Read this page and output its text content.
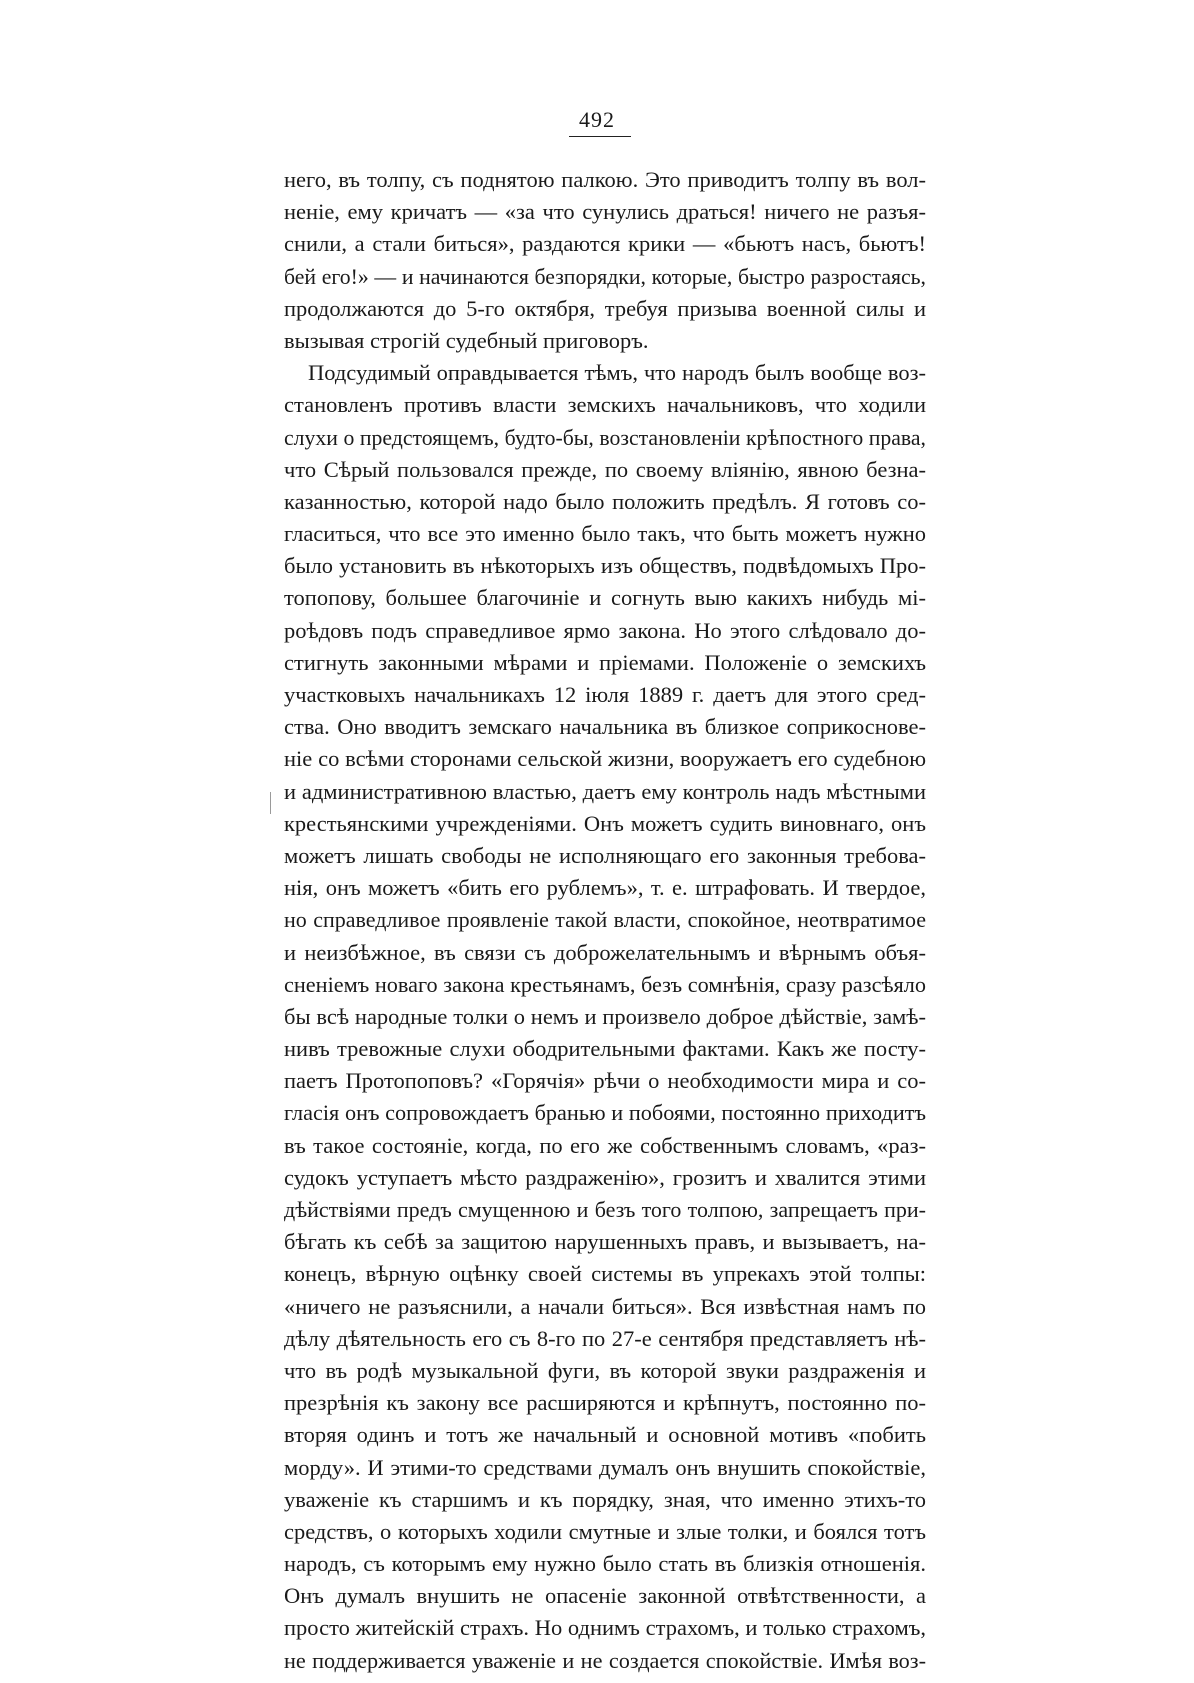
492
него, въ толпу, съ поднятою палкою. Это приводитъ толпу въ вол-
неніе, ему кричатъ — «за что сунулись драться! ничего не разъя-
снили, а стали биться», раздаются крики — «бьютъ насъ, бьютъ!
бей его!» — и начинаются безпорядки, которые, быстро разростаясь,
продолжаются до 5-го октября, требуя призыва военной силы и
вызывая строгій судебный приговоръ.
Подсудимый оправдывается тѣмъ, что народъ былъ вообще воз-
становленъ противъ власти земскихъ начальниковъ, что ходили
слухи о предстоящемъ, будто-бы, возстановленіи крѣпостного права,
что Сѣрый пользовался прежде, по своему вліянію, явною безна-
казанностью, которой надо было положить предѣлъ. Я готовъ со-
гласиться, что все это именно было такъ, что быть можетъ нужно
было установить въ нѣкоторыхъ изъ обществъ, подвѣдомыхъ Про-
топопову, большее благочиніе и согнуть выю какихъ нибудь мі-
роѣдовъ подъ справедливое ярмо закона. Но этого слѣдовало до-
стигнуть законными мѣрами и пріемами. Положеніе о земскихъ
участковыхъ начальникахъ 12 іюля 1889 г. даетъ для этого сред-
ства. Оно вводитъ земскаго начальника въ близкое соприкоснове-
ніе со всѣми сторонами сельской жизни, вооружаетъ его судебною
и административною властью, даетъ ему контроль надъ мѣстными
крестьянскими учрежденіями. Онъ можетъ судить виновнаго, онъ
можетъ лишать свободы не исполняющаго его законныя требова-
нія, онъ можетъ «бить его рублемъ», т. е. штрафовать. И твердое,
но справедливое проявленіе такой власти, спокойное, неотвратимое
и неизбѣжное, въ связи съ доброжелательнымъ и вѣрнымъ объя-
сненіемъ новаго закона крестьянамъ, безъ сомнѣнія, сразу разсѣяло
бы всѣ народные толки о немъ и произвело доброе дѣйствіе, замѣ-
нивъ тревожные слухи ободрительными фактами. Какъ же посту-
паетъ Протопоповъ? «Горячія» рѣчи о необходимости мира и со-
гласія онъ сопровождаетъ бранью и побоями, постоянно приходитъ
въ такое состояніе, когда, по его же собственнымъ словамъ, «раз-
судокъ уступаетъ мѣсто раздраженію», грозитъ и хвалится этими
дѣйствіями предъ смущенною и безъ того толпою, запрещаетъ при-
бѣгать къ себѣ за защитою нарушенныхъ правъ, и вызываетъ, на-
конецъ, вѣрную оцѣнку своей системы въ упрекахъ этой толпы:
«ничего не разъяснили, а начали биться». Вся извѣстная намъ по
дѣлу дѣятельность его съ 8-го по 27-е сентября представляетъ нѣ-
что въ родѣ музыкальной фуги, въ которой звуки раздраженія и
презрѣнія къ закону все расширяются и крѣпнутъ, постоянно по-
вторяя одинъ и тотъ же начальный и основной мотивъ «побить
морду». И этими-то средствами думалъ онъ внушить спокойствіе,
уваженіе къ старшимъ и къ порядку, зная, что именно этихъ-то
средствъ, о которыхъ ходили смутные и злые толки, и боялся тотъ
народъ, съ которымъ ему нужно было стать въ близкія отношенія.
Онъ думалъ внушить не опасеніе законной отвѣтственности, а
просто житейскій страхъ. Но однимъ страхомъ, и только страхомъ,
не поддерживается уваженіе и не создается спокойствіе. Имѣя воз-
